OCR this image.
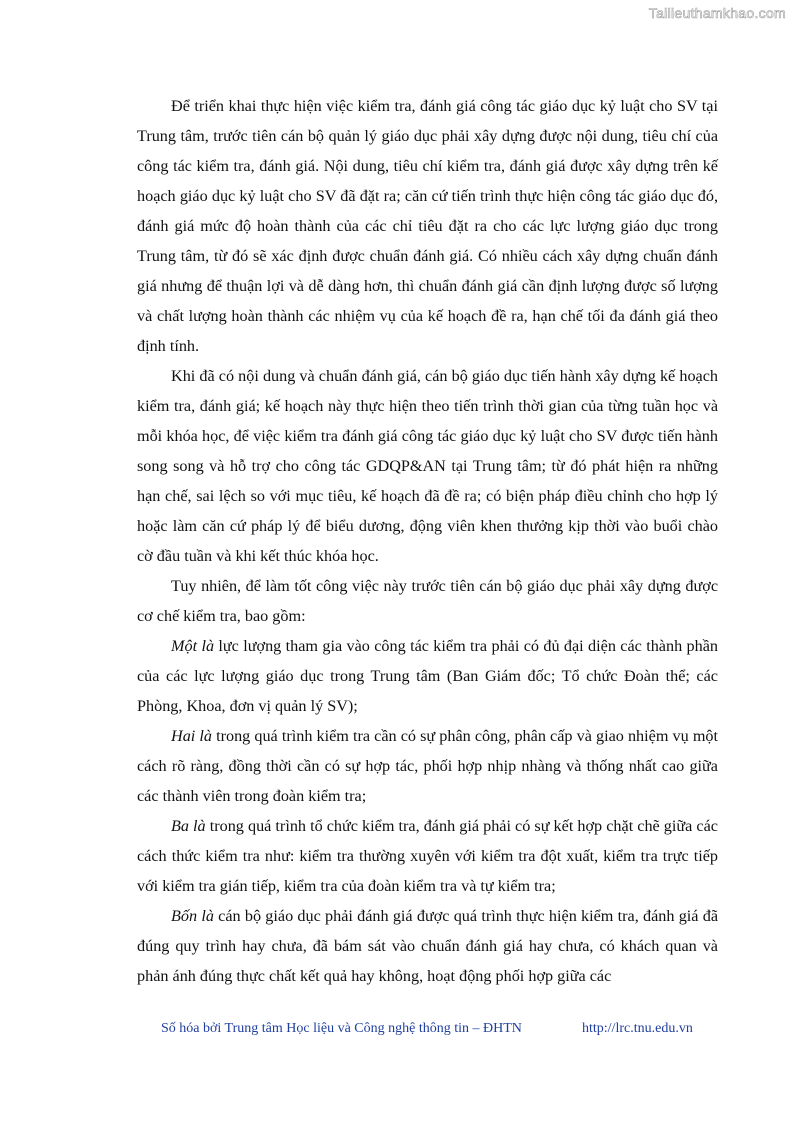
Tailieuthamkhao.com

Để triển khai thực hiện việc kiểm tra, đánh giá công tác giáo dục kỷ luật cho SV tại Trung tâm, trước tiên cán bộ quản lý giáo dục phải xây dựng được nội dung, tiêu chí của công tác kiểm tra, đánh giá. Nội dung, tiêu chí kiểm tra, đánh giá được xây dựng trên kế hoạch giáo dục kỷ luật cho SV đã đặt ra; căn cứ tiến trình thực hiện công tác giáo dục đó, đánh giá mức độ hoàn thành của các chỉ tiêu đặt ra cho các lực lượng giáo dục trong Trung tâm, từ đó sẽ xác định được chuẩn đánh giá. Có nhiều cách xây dựng chuẩn đánh giá nhưng để thuận lợi và dễ dàng hơn, thì chuẩn đánh giá cần định lượng được số lượng và chất lượng hoàn thành các nhiệm vụ của kế hoạch đề ra, hạn chế tối đa đánh giá theo định tính.

Khi đã có nội dung và chuẩn đánh giá, cán bộ giáo dục tiến hành xây dựng kế hoạch kiểm tra, đánh giá; kế hoạch này thực hiện theo tiến trình thời gian của từng tuần học và mỗi khóa học, để việc kiểm tra đánh giá công tác giáo dục kỷ luật cho SV được tiến hành song song và hỗ trợ cho công tác GDQP&AN tại Trung tâm; từ đó phát hiện ra những hạn chế, sai lệch so với mục tiêu, kế hoạch đã đề ra; có biện pháp điều chỉnh cho hợp lý hoặc làm căn cứ pháp lý để biểu dương, động viên khen thưởng kịp thời vào buổi chào cờ đầu tuần và khi kết thúc khóa học.

Tuy nhiên, để làm tốt công việc này trước tiên cán bộ giáo dục phải xây dựng được cơ chế kiểm tra, bao gồm:

Một là lực lượng tham gia vào công tác kiểm tra phải có đủ đại diện các thành phần của các lực lượng giáo dục trong Trung tâm (Ban Giám đốc; Tổ chức Đoàn thể; các Phòng, Khoa, đơn vị quản lý SV);

Hai là trong quá trình kiểm tra cần có sự phân công, phân cấp và giao nhiệm vụ một cách rõ ràng, đồng thời cần có sự hợp tác, phối hợp nhịp nhàng và thống nhất cao giữa các thành viên trong đoàn kiểm tra;

Ba là trong quá trình tổ chức kiểm tra, đánh giá phải có sự kết hợp chặt chẽ giữa các cách thức kiểm tra như: kiểm tra thường xuyên với kiểm tra đột xuất, kiểm tra trực tiếp với kiểm tra gián tiếp, kiểm tra của đoàn kiểm tra và tự kiểm tra;

Bốn là cán bộ giáo dục phải đánh giá được quá trình thực hiện kiểm tra, đánh giá đã đúng quy trình hay chưa, đã bám sát vào chuẩn đánh giá hay chưa, có khách quan và phản ánh đúng thực chất kết quả hay không, hoạt động phối hợp giữa các

Số hóa bởi Trung tâm Học liệu và Công nghệ thông tin – ĐHTN	http://lrc.tnu.edu.vn
